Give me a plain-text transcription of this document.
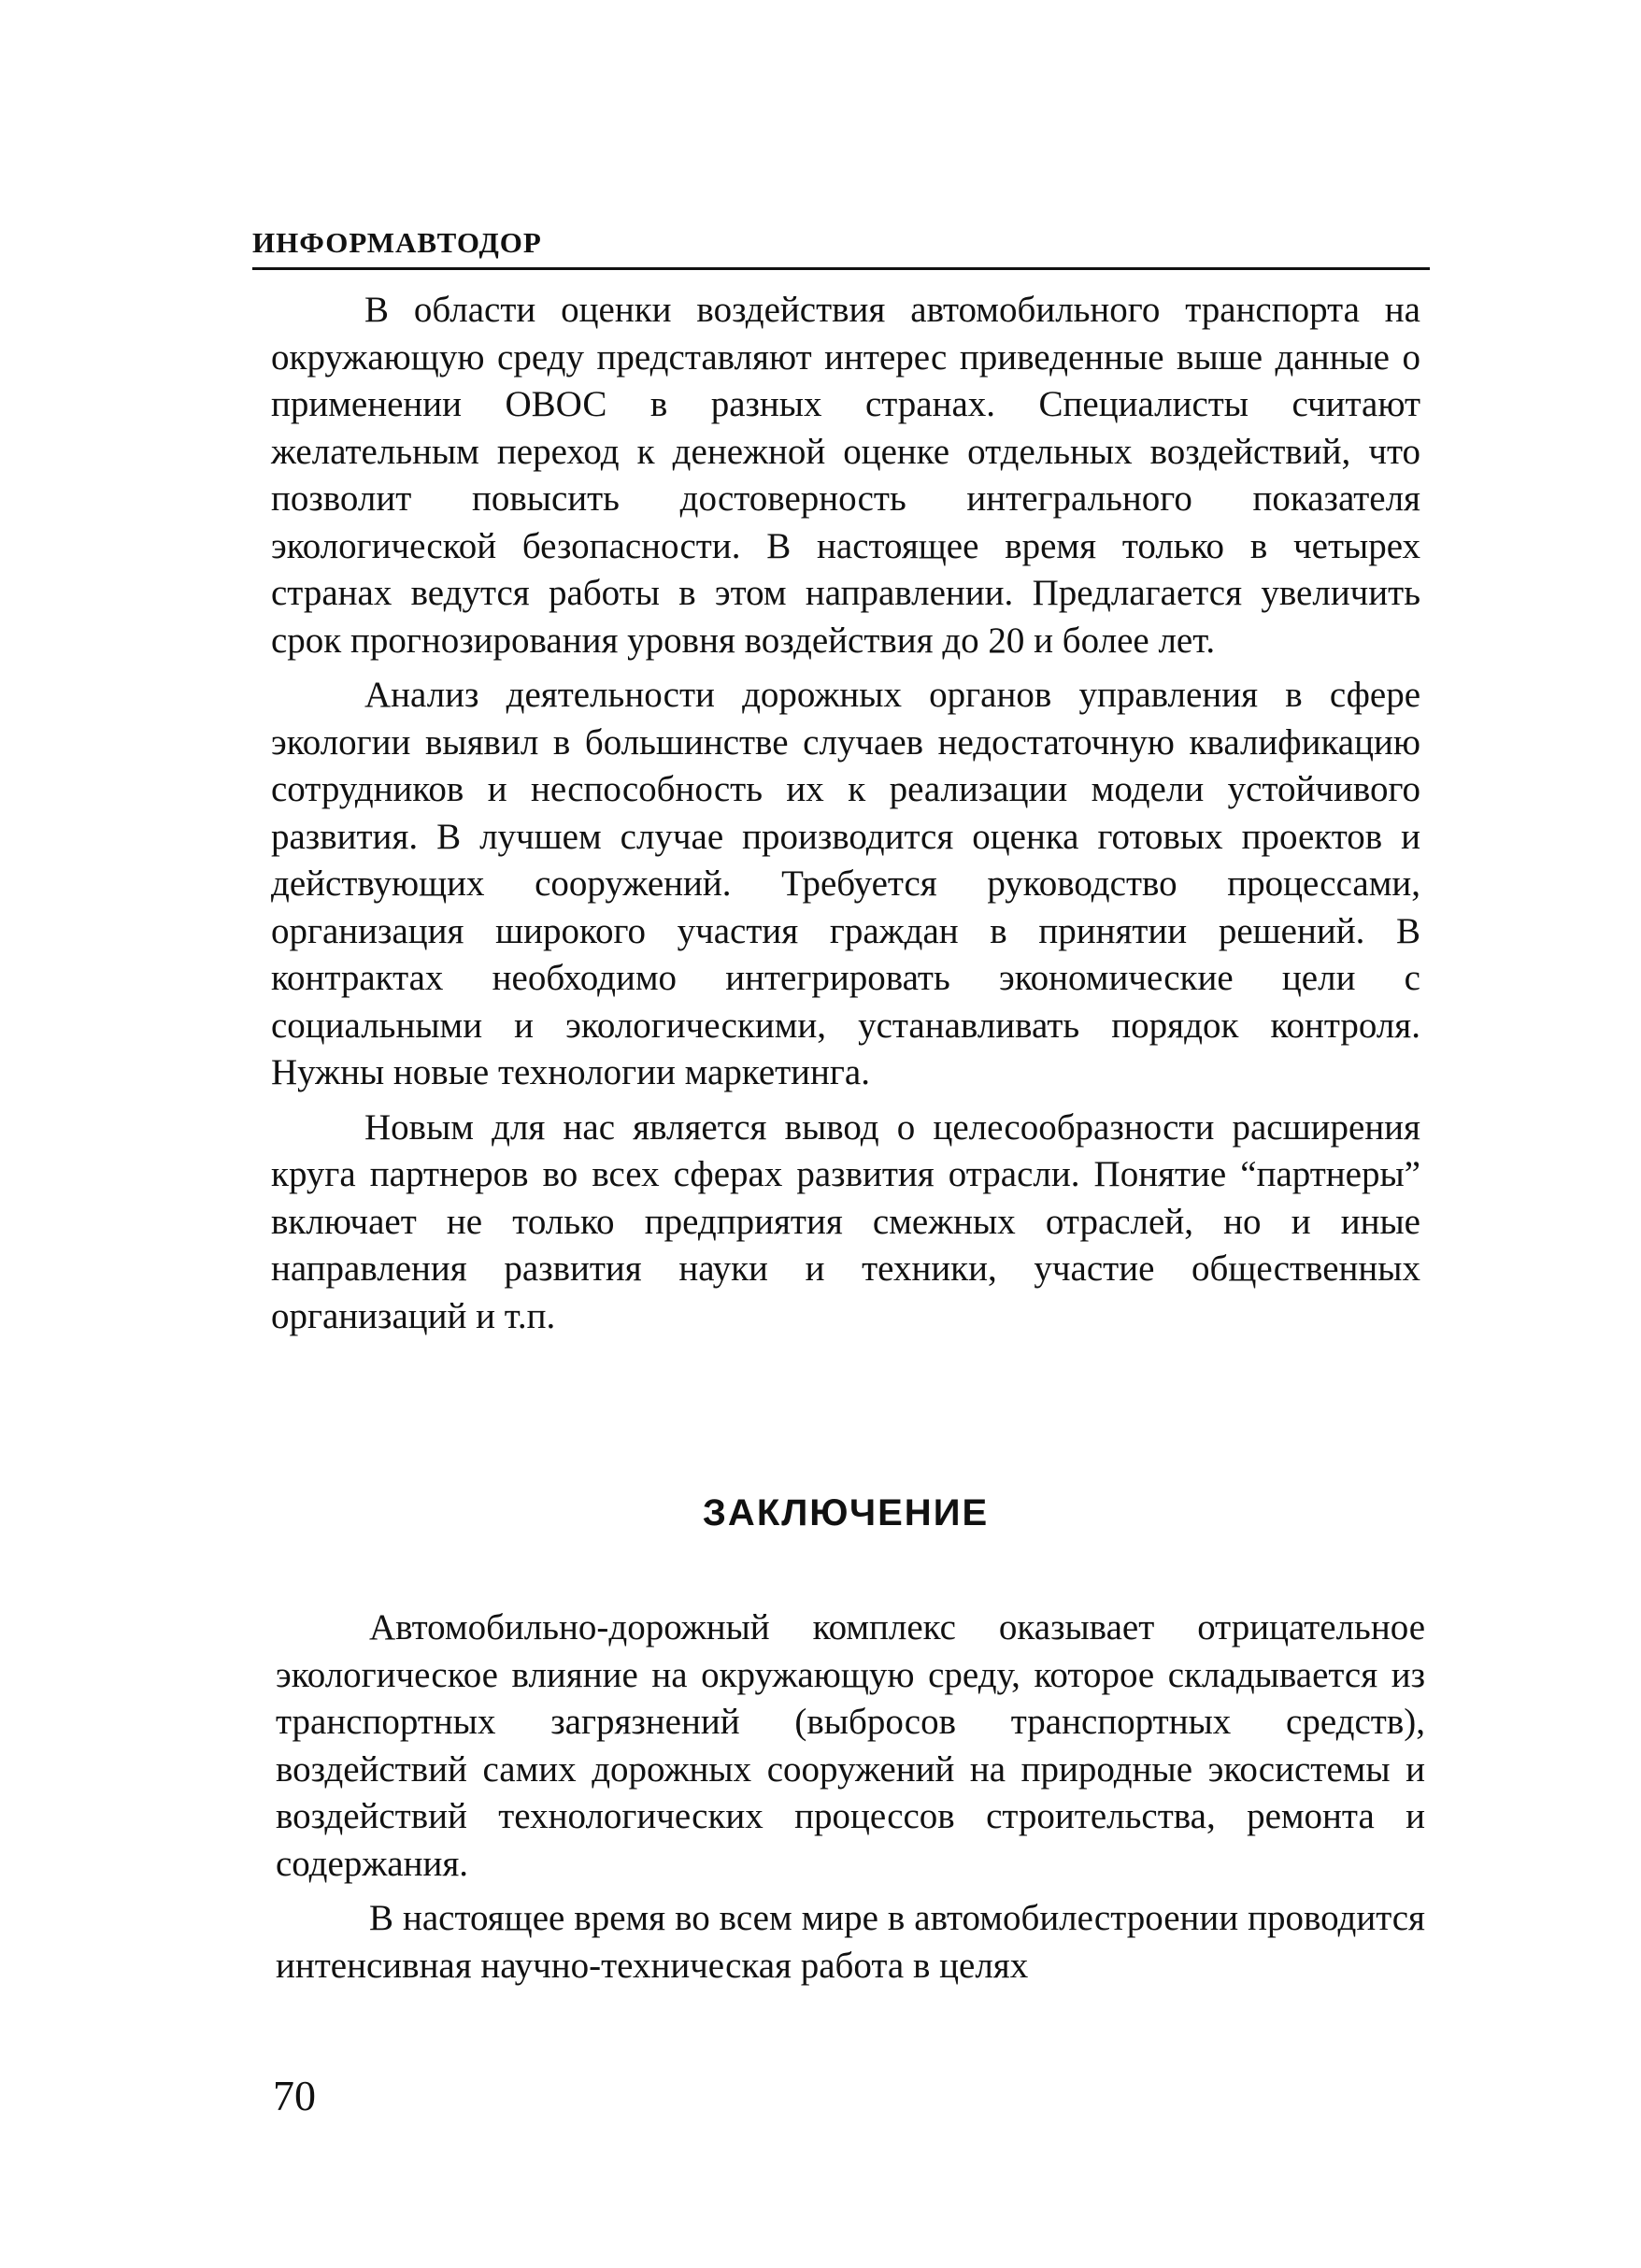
ИНФОРМАВТОДОР

В области оценки воздействия автомобильного транспорта на окружающую среду представляют интерес приведенные выше данные о применении ОВОС в разных странах. Специалисты считают желательным переход к денежной оценке отдельных воздействий, что позволит повысить достоверность интегрального показателя экологической безопасности. В настоящее время только в четырех странах ведутся работы в этом направлении. Предлагается увеличить срок прогнозирования уровня воздействия до 20 и более лет.

Анализ деятельности дорожных органов управления в сфере экологии выявил в большинстве случаев недостаточную квалификацию сотрудников и неспособность их к реализации модели устойчивого развития. В лучшем случае производится оценка готовых проектов и действующих сооружений. Требуется руководство процессами, организация широкого участия граждан в принятии решений. В контрактах необходимо интегрировать экономические цели с социальными и экологическими, устанавливать порядок контроля. Нужны новые технологии маркетинга.

Новым для нас является вывод о целесообразности расширения круга партнеров во всех сферах развития отрасли. Понятие “партнеры” включает не только предприятия смежных отраслей, но и иные направления развития науки и техники, участие общественных организаций и т.п.

ЗАКЛЮЧЕНИЕ

Автомобильно-дорожный комплекс оказывает отрицательное экологическое влияние на окружающую среду, которое складывается из транспортных загрязнений (выбросов транспортных средств), воздействий самих дорожных сооружений на природные экосистемы и воздействий технологических процессов строительства, ремонта и содержания.

В настоящее время во всем мире в автомобилестроении проводится интенсивная научно-техническая работа в целях

70
